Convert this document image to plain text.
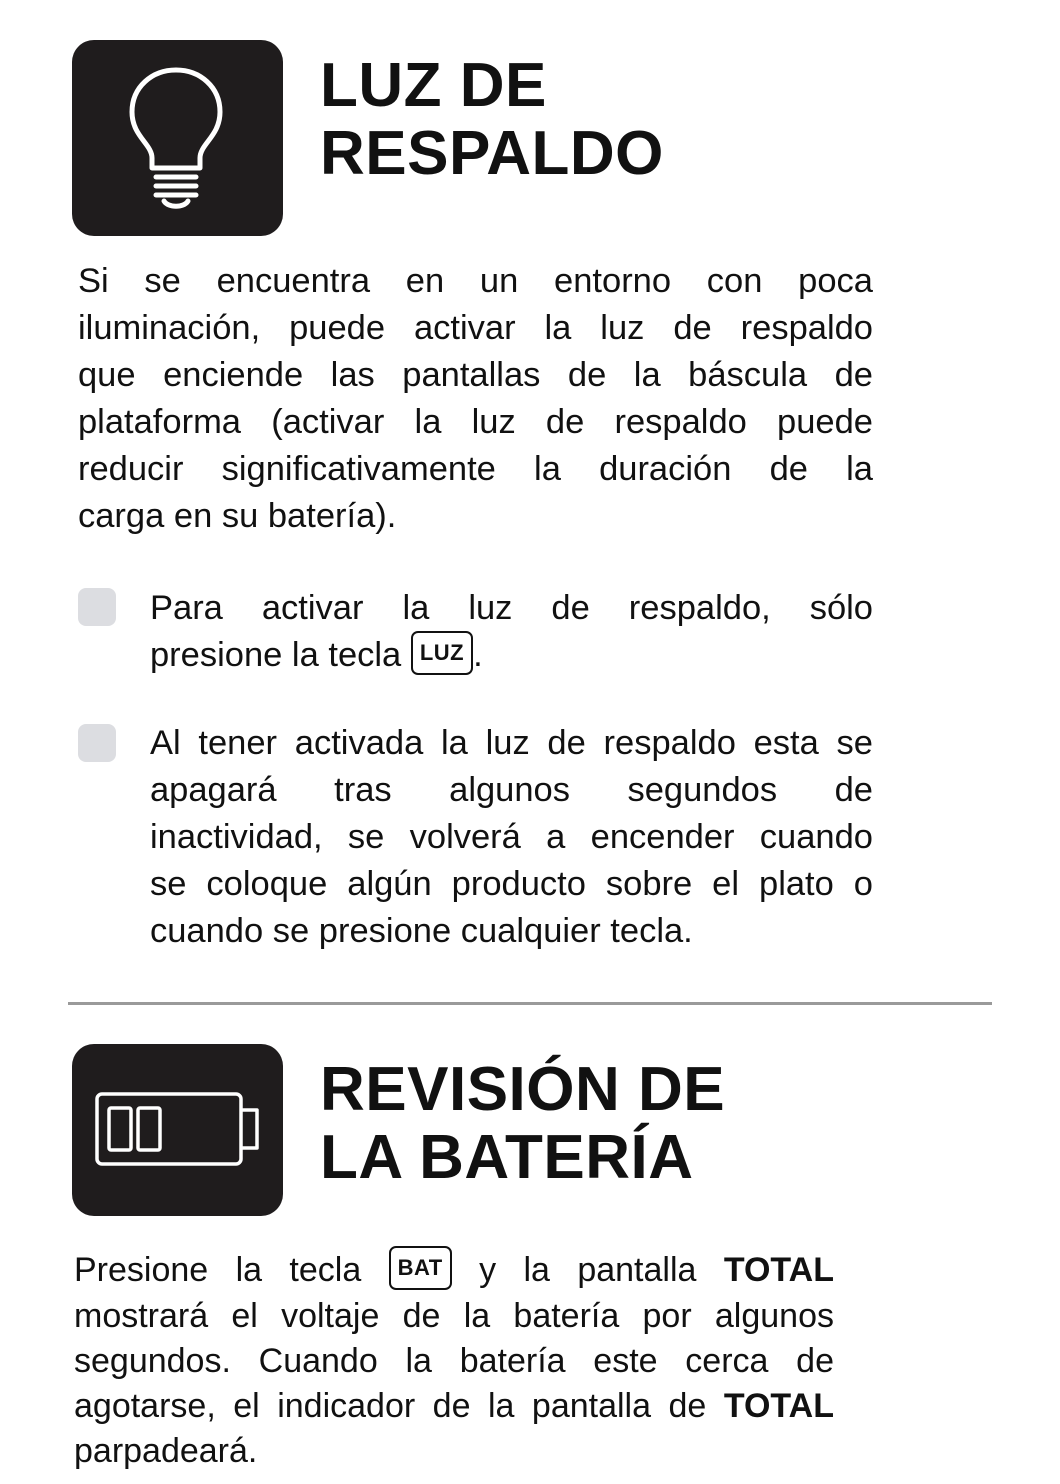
LUZ DE
RESPALDO
Si se encuentra en un entorno con poca
iluminación, puede activar la luz de respaldo
que enciende las pantallas de la báscula de
plataforma (activar la luz de respaldo puede
reducir significativamente la duración de la
carga en su batería).
Para activar la luz de respaldo, sólo
presione la tecla LUZ .
Al tener activada la luz de respaldo esta se
apagará tras algunos segundos de
inactividad, se volverá a encender cuando
se coloque algún producto sobre el plato o
cuando se presione cualquier tecla.
REVISIÓN DE
LA BATERÍA
Presione la tecla BAT y la pantalla TOTAL
mostrará el voltaje de la batería por algunos
segundos. Cuando la batería este cerca de
agotarse, el indicador de la pantalla de TOTAL
parpadeará.
